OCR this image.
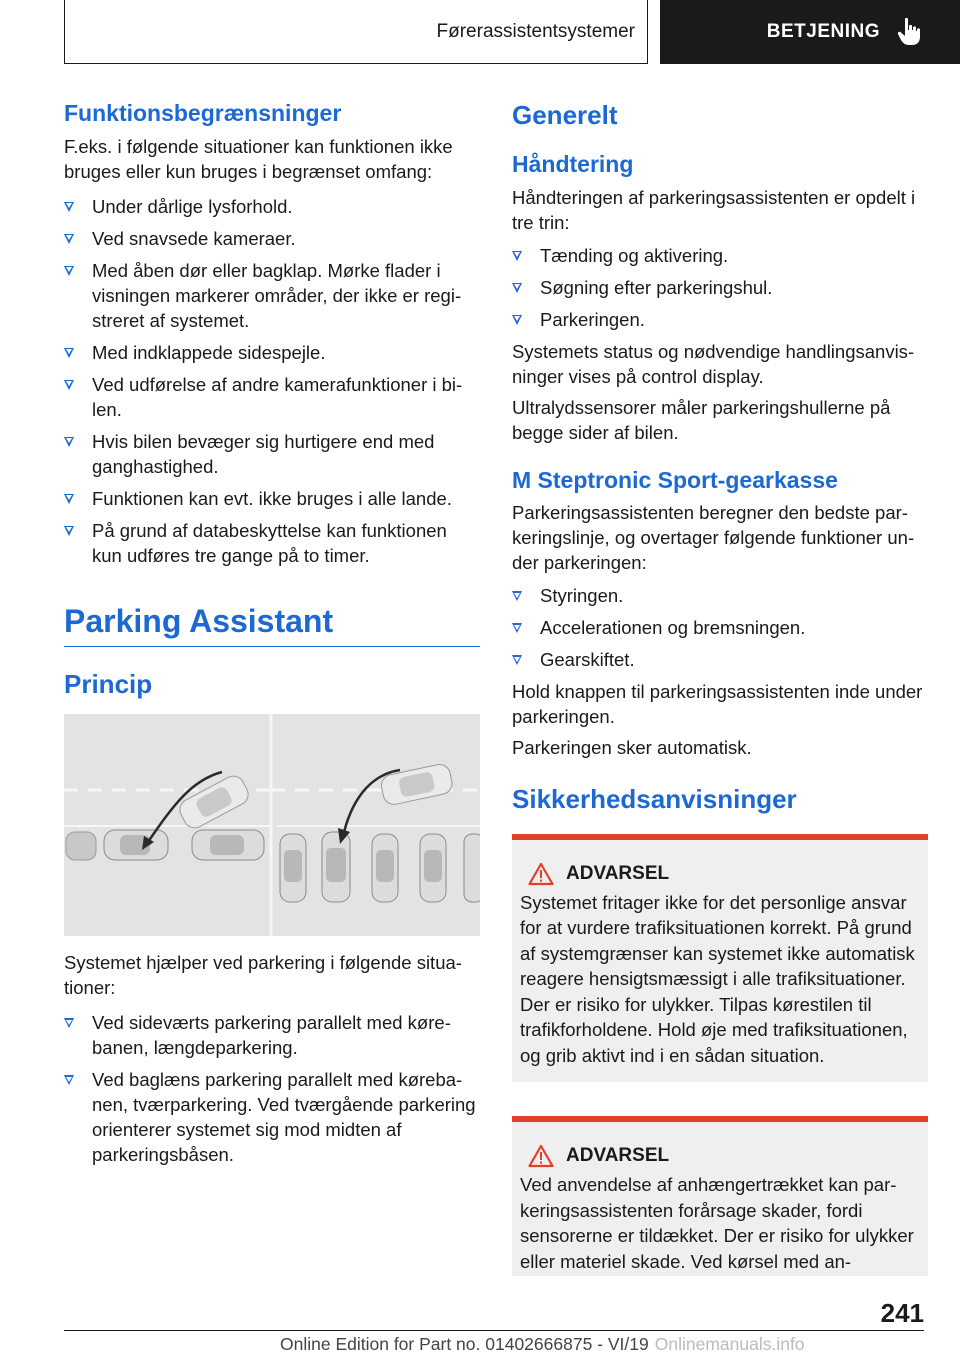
Førerassistentsystemer	BETJENING
Funktionsbegrænsninger

F.eks. i følgende situationer kan funktionen ikke bruges eller kun bruges i begrænset omfang:

Under dårlige lysforhold.
Ved snavsede kameraer.
Med åben dør eller bagklap. Mørke flader i visningen markerer områder, der ikke er registreret af systemet.
Med indklappede sidespejle.
Ved udførelse af andre kamerafunktioner i bilen.
Hvis bilen bevæger sig hurtigere end med ganghastighed.
Funktionen kan evt. ikke bruges i alle lande.
På grund af databeskyttelse kan funktionen kun udføres tre gange på to timer.
Parking Assistant
Princip

Systemet hjælper ved parkering i følgende situationer:

Ved sideværts parkering parallelt med kørebanen, længdeparkering.
Ved baglæns parkering parallelt med kørebanen, tværparkering. Ved tværgående parkering orienterer systemet sig mod midten af parkeringsbåsen.
Generelt
Håndtering

Håndteringen af parkeringsassistenten er opdelt i tre trin:

Tænding og aktivering.
Søgning efter parkeringshul.
Parkeringen.

Systemets status og nødvendige handlingsanvisninger vises på control display.

Ultralydssensorer måler parkeringshullerne på begge sider af bilen.

M Steptronic Sport-gearkasse

Parkeringsassistenten beregner den bedste parkeringslinje, og overtager følgende funktioner under parkeringen:

Styringen.
Accelerationen og bremsningen.
Gearskiftet.

Hold knappen til parkeringsassistenten inde under parkeringen.

Parkeringen sker automatisk.

Sikkerhedsanvisninger
ADVARSEL

Systemet fritager ikke for det personlige ansvar for at vurdere trafiksituationen korrekt. På grund af systemgrænser kan systemet ikke automatisk reagere hensigtsmæssigt i alle trafiksituationer. Der er risiko for ulykker. Tilpas kørestilen til trafikforholdene. Hold øje med trafiksituationen, og grib aktivt ind i en sådan situation.

ADVARSEL

Ved anvendelse af anhængertrækket kan parkeringsassistenten forårsage skader, fordi sensorerne er tildækket. Der er risiko for ulykker eller materiel skade. Ved kørsel med an-

241
Online Edition for Part no. 01402666875 - VI/19 Onlinemanuals.info
